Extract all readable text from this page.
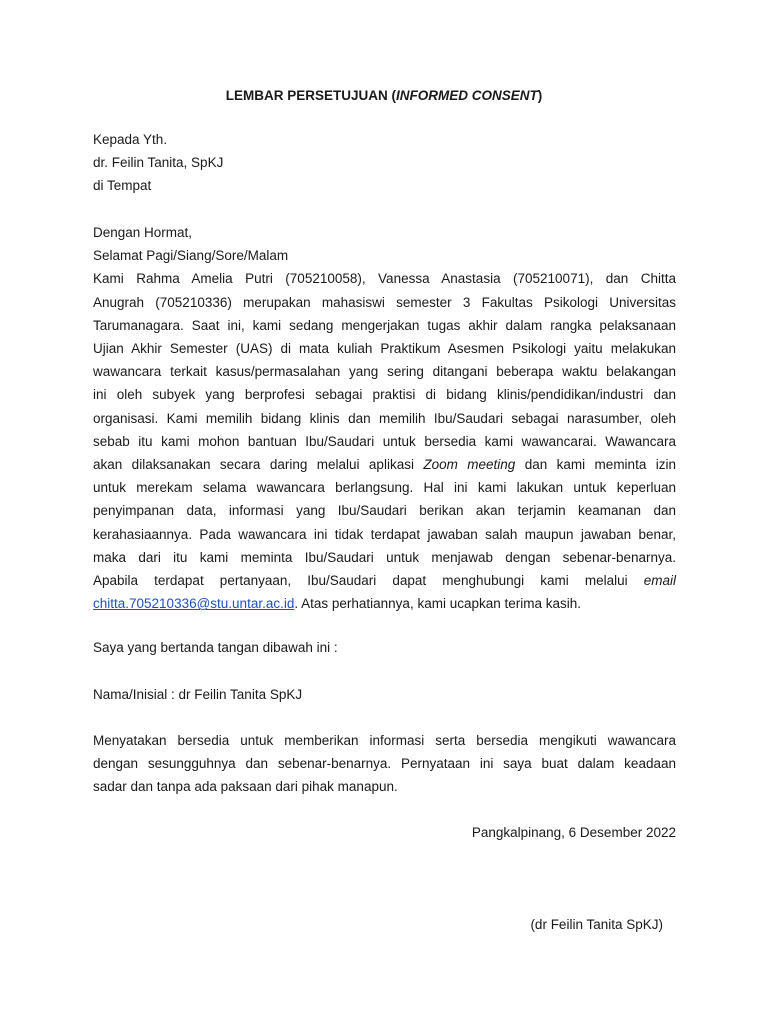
LEMBAR PERSETUJUAN (INFORMED CONSENT)
Kepada Yth.
dr. Feilin Tanita, SpKJ
di Tempat
Dengan Hormat,
Selamat Pagi/Siang/Sore/Malam
Kami Rahma Amelia Putri (705210058), Vanessa Anastasia (705210071), dan Chitta
Anugrah (705210336) merupakan mahasiswi semester 3 Fakultas Psikologi Universitas
Tarumanagara. Saat ini, kami sedang mengerjakan tugas akhir dalam rangka pelaksanaan
Ujian Akhir Semester (UAS) di mata kuliah Praktikum Asesmen Psikologi yaitu melakukan
wawancara terkait kasus/permasalahan yang sering ditangani beberapa waktu belakangan
ini oleh subyek yang berprofesi sebagai praktisi di bidang klinis/pendidikan/industri dan
organisasi. Kami memilih bidang klinis dan memilih Ibu/Saudari sebagai narasumber, oleh
sebab itu kami mohon bantuan Ibu/Saudari untuk bersedia kami wawancarai. Wawancara
akan dilaksanakan secara daring melalui aplikasi Zoom meeting dan kami meminta izin
untuk merekam selama wawancara berlangsung. Hal ini kami lakukan untuk keperluan
penyimpanan data, informasi yang Ibu/Saudari berikan akan terjamin keamanan dan
kerahasiaannya. Pada wawancara ini tidak terdapat jawaban salah maupun jawaban benar,
maka dari itu kami meminta Ibu/Saudari untuk menjawab dengan sebenar-benarnya.
Apabila terdapat pertanyaan, Ibu/Saudari dapat menghubungi kami melalui email
chitta.705210336@stu.untar.ac.id. Atas perhatiannya, kami ucapkan terima kasih.
Saya yang bertanda tangan dibawah ini :
Nama/Inisial : dr Feilin Tanita SpKJ
Menyatakan bersedia untuk memberikan informasi serta bersedia mengikuti wawancara
dengan sesungguhnya dan sebenar-benarnya. Pernyataan ini saya buat dalam keadaan
sadar dan tanpa ada paksaan dari pihak manapun.
Pangkalpinang, 6 Desember 2022
(dr Feilin Tanita SpKJ)
